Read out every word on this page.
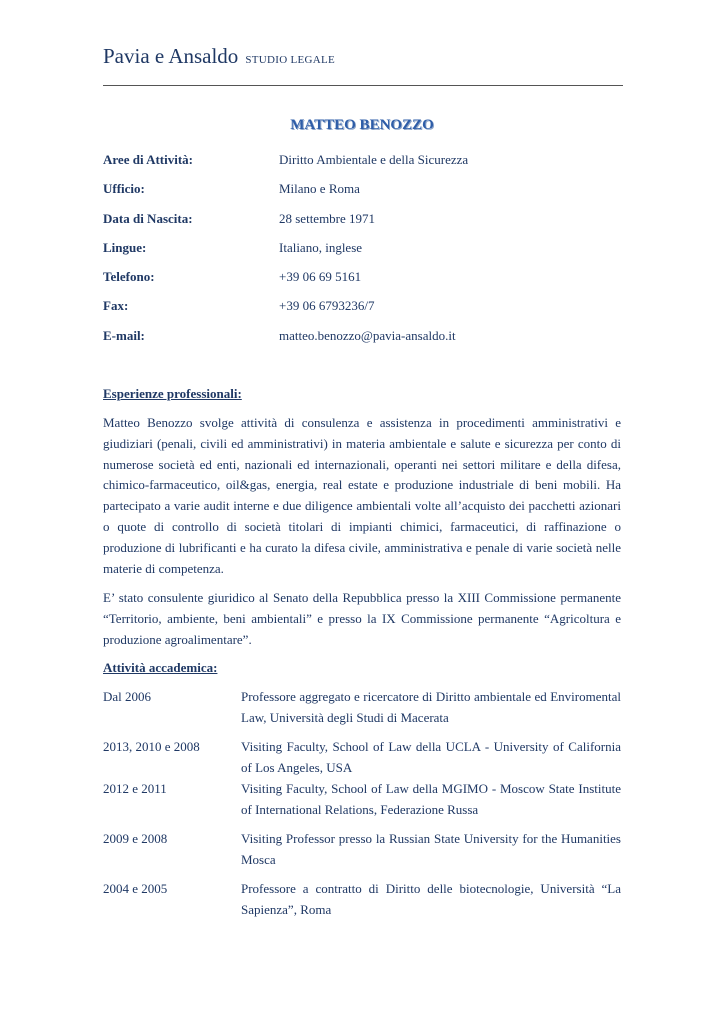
Pavia e Ansaldo STUDIO LEGALE
MATTEO BENOZZO
Aree di Attività:	Diritto Ambientale e della Sicurezza
Ufficio:	Milano e Roma
Data di Nascita:	28 settembre 1971
Lingue:	Italiano, inglese
Telefono:	+39 06 69 5161
Fax:	+39 06 6793236/7
E-mail:	matteo.benozzo@pavia-ansaldo.it
Esperienze professionali:
Matteo Benozzo svolge attività di consulenza e assistenza in procedimenti amministrativi e giudiziari (penali, civili ed amministrativi) in materia ambientale e salute e sicurezza per conto di numerose società ed enti, nazionali ed internazionali, operanti nei settori militare e della difesa, chimico-farmaceutico, oil&gas, energia, real estate e produzione industriale di beni mobili. Ha partecipato a varie audit interne e due diligence ambientali volte all’acquisto dei pacchetti azionari o quote di controllo di società titolari di impianti chimici, farmaceutici, di raffinazione o produzione di lubrificanti e ha curato la difesa civile, amministrativa e penale di varie società nelle materie di competenza.
E’ stato consulente giuridico al Senato della Repubblica presso la XIII Commissione permanente “Territorio, ambiente, beni ambientali” e presso la IX Commissione permanente “Agricoltura e produzione agroalimentare”.
Attività accademica:
Dal 2006	Professore aggregato e ricercatore di Diritto ambientale ed Enviromental Law, Università degli Studi di Macerata
2013, 2010 e 2008	Visiting Faculty, School of Law della UCLA - University of California of Los Angeles, USA
2012 e 2011	Visiting Faculty, School of Law della MGIMO - Moscow State Institute of International Relations, Federazione Russa
2009 e 2008	Visiting Professor presso la Russian State University for the Humanities Mosca
2004 e 2005	Professore a contratto di Diritto delle biotecnologie, Università “La Sapienza”, Roma
